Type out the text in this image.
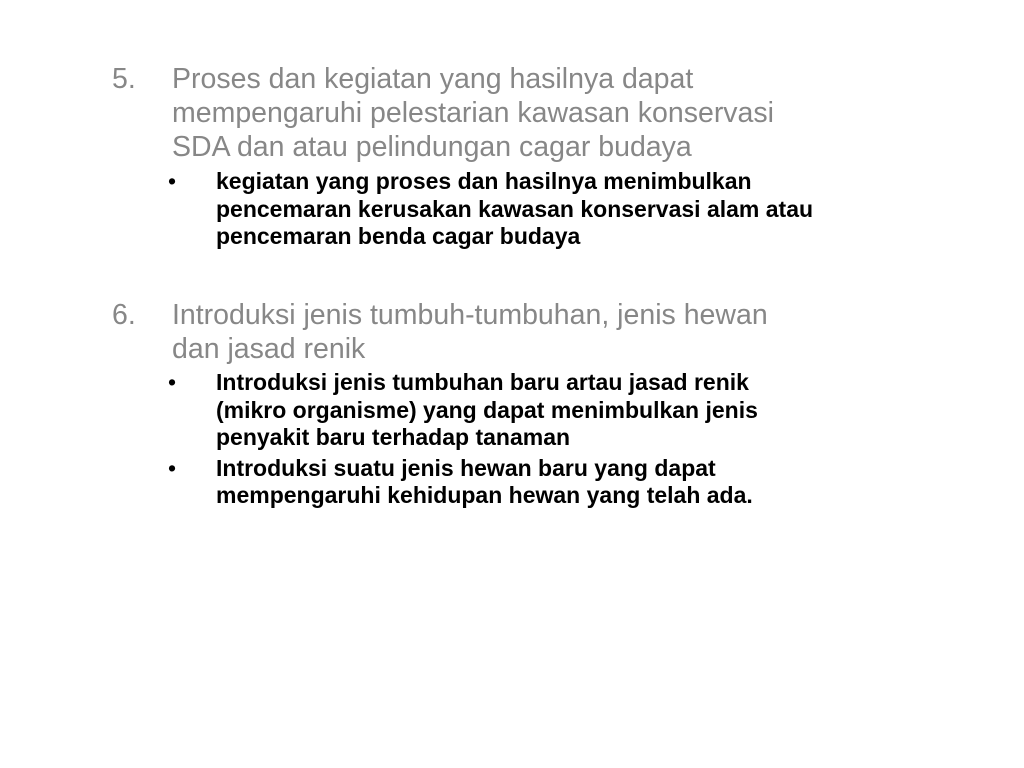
5. Proses dan kegiatan yang hasilnya dapat
mempengaruhi pelestarian kawasan konservasi
SDA dan atau pelindungan cagar budaya
• kegiatan yang proses dan hasilnya menimbulkan
pencemaran kerusakan kawasan konservasi alam atau
pencemaran benda cagar budaya
6. Introduksi jenis tumbuh-tumbuhan, jenis hewan
dan jasad renik
• Introduksi jenis tumbuhan baru artau jasad renik
(mikro organisme) yang dapat menimbulkan jenis
penyakit baru terhadap tanaman
• Introduksi suatu jenis hewan baru yang dapat
mempengaruhi kehidupan hewan yang telah ada.
